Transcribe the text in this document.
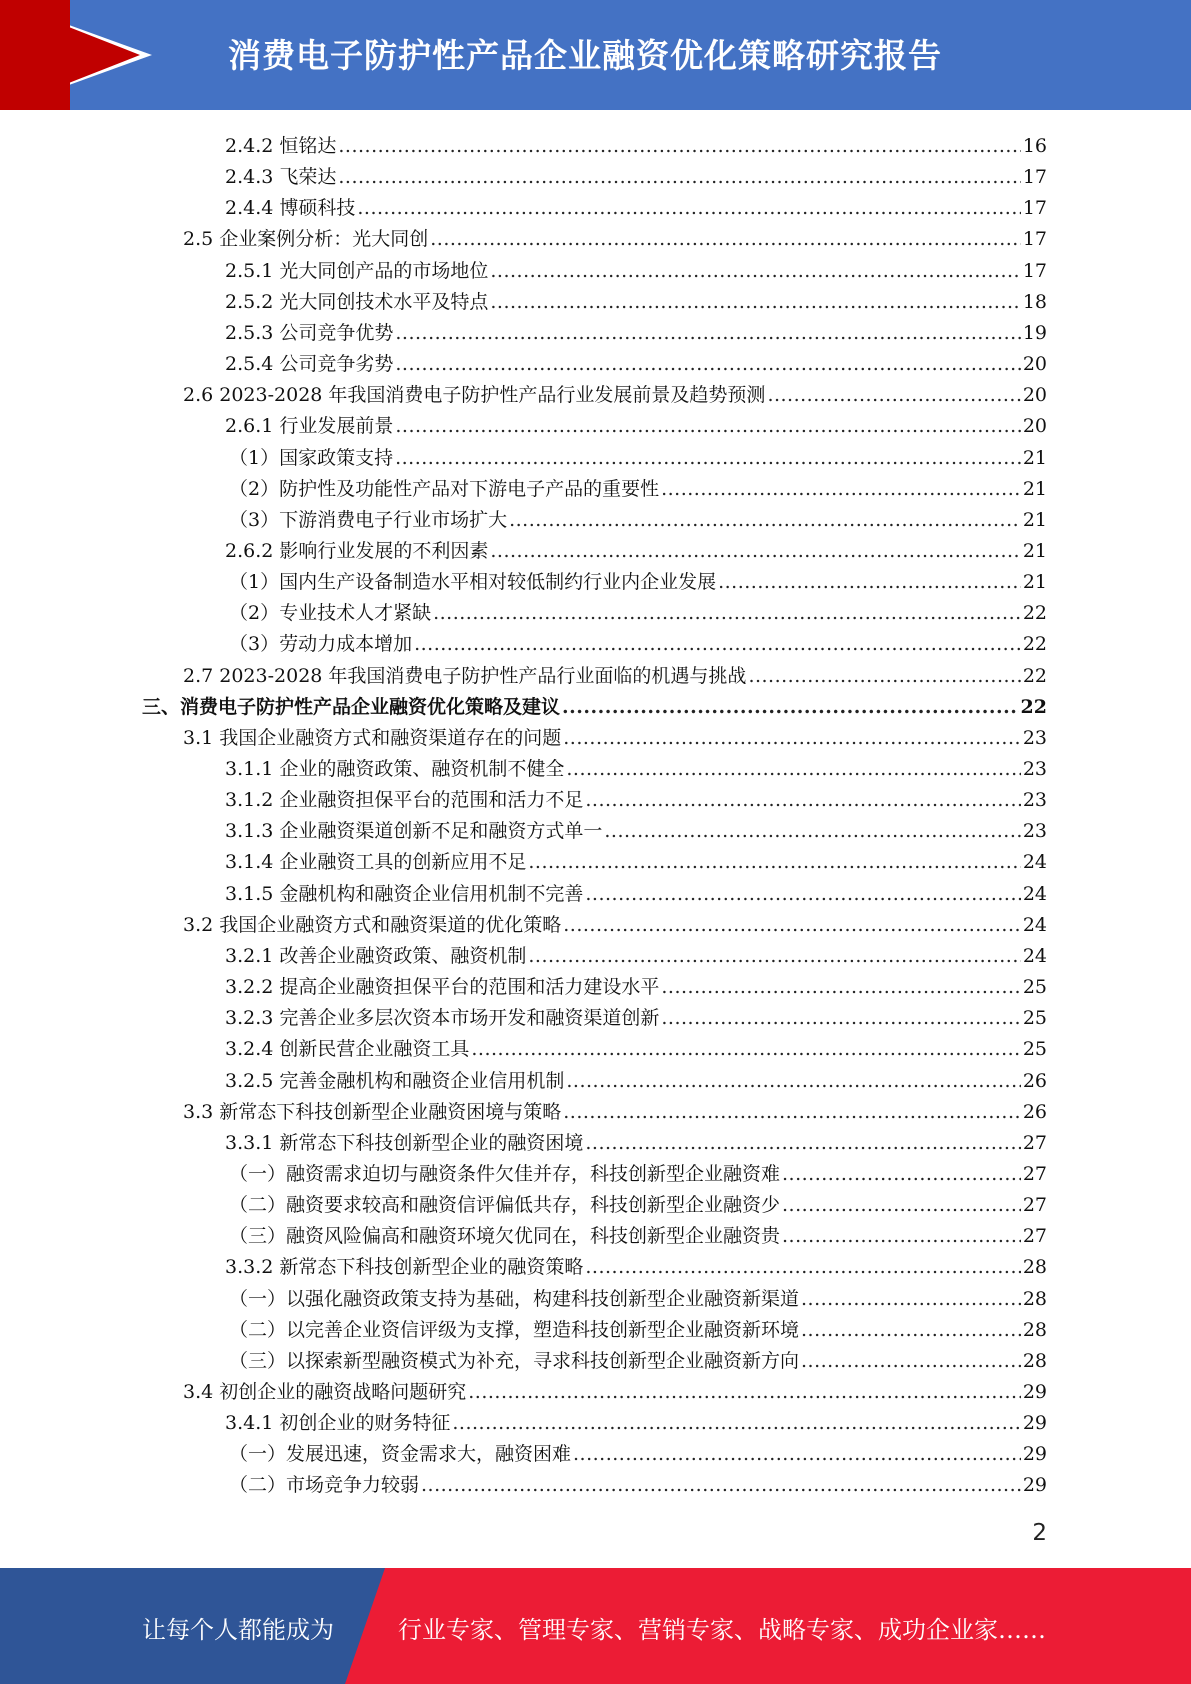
消费电子防护性产品企业融资优化策略研究报告
2.4.2 恒铭达 .....	16
2.4.3 飞荣达 .....	17
2.4.4 博硕科技 .....	17
2.5 企业案例分析：光大同创 .....	17
2.5.1 光大同创产品的市场地位 .....	17
2.5.2 光大同创技术水平及特点 .....	18
2.5.3 公司竞争优势 .....	19
2.5.4 公司竞争劣势 .....	20
2.6 2023-2028 年我国消费电子防护性产品行业发展前景及趋势预测 .....	20
2.6.1 行业发展前景 .....	20
（1）国家政策支持 .....	21
（2）防护性及功能性产品对下游电子产品的重要性 .....	21
（3）下游消费电子行业市场扩大 .....	21
2.6.2 影响行业发展的不利因素 .....	21
（1）国内生产设备制造水平相对较低制约行业内企业发展 .....	21
（2）专业技术人才紧缺 .....	22
（3）劳动力成本增加 .....	22
2.7 2023-2028 年我国消费电子防护性产品行业面临的机遇与挑战 .....	22
三、消费电子防护性产品企业融资优化策略及建议 .....	22
3.1 我国企业融资方式和融资渠道存在的问题 .....	23
3.1.1 企业的融资政策、融资机制不健全 .....	23
3.1.2 企业融资担保平台的范围和活力不足 .....	23
3.1.3 企业融资渠道创新不足和融资方式单一 .....	23
3.1.4 企业融资工具的创新应用不足 .....	24
3.1.5 金融机构和融资企业信用机制不完善 .....	24
3.2 我国企业融资方式和融资渠道的优化策略 .....	24
3.2.1 改善企业融资政策、融资机制 .....	24
3.2.2 提高企业融资担保平台的范围和活力建设水平 .....	25
3.2.3 完善企业多层次资本市场开发和融资渠道创新 .....	25
3.2.4 创新民营企业融资工具 .....	25
3.2.5 完善金融机构和融资企业信用机制 .....	26
3.3 新常态下科技创新型企业融资困境与策略 .....	26
3.3.1 新常态下科技创新型企业的融资困境 .....	27
（一）融资需求迫切与融资条件欠佳并存，科技创新型企业融资难 .....	27
（二）融资要求较高和融资信评偏低共存，科技创新型企业融资少 .....	27
（三）融资风险偏高和融资环境欠优同在，科技创新型企业融资贵 .....	27
3.3.2 新常态下科技创新型企业的融资策略 .....	28
（一）以强化融资政策支持为基础，构建科技创新型企业融资新渠道 .....	28
（二）以完善企业资信评级为支撑，塑造科技创新型企业融资新环境 .....	28
（三）以探索新型融资模式为补充，寻求科技创新型企业融资新方向 .....	28
3.4 初创企业的融资战略问题研究 .....	29
3.4.1 初创企业的财务特征 .....	29
（一）发展迅速，资金需求大，融资困难 .....	29
（二）市场竞争力较弱 .....	29
2
让每个人都能成为	行业专家、管理专家、营销专家、战略专家、成功企业家……
